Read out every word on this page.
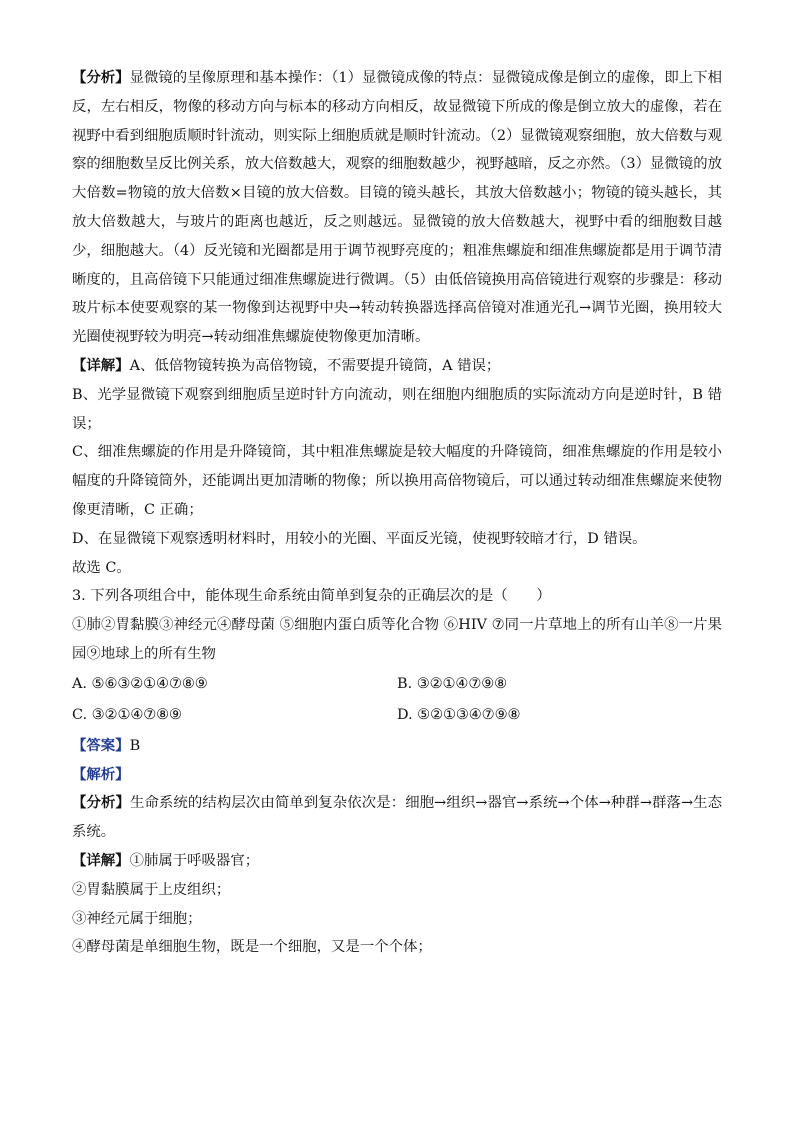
【分析】显微镜的呈像原理和基本操作：（1）显微镜成像的特点：显微镜成像是倒立的虚像，即上下相反，左右相反，物像的移动方向与标本的移动方向相反，故显微镜下所成的像是倒立放大的虚像，若在视野中看到细胞质顺时针流动，则实际上细胞质就是顺时针流动。（2）显微镜观察细胞，放大倍数与观察的细胞数呈反比例关系，放大倍数越大，观察的细胞数越少，视野越暗，反之亦然。（3）显微镜的放大倍数=物镜的放大倍数×目镜的放大倍数。目镜的镜头越长，其放大倍数越小；物镜的镜头越长，其放大倍数越大，与玻片的距离也越近，反之则越远。显微镜的放大倍数越大，视野中看的细胞数目越少，细胞越大。（4）反光镜和光圈都是用于调节视野亮度的；粗准焦螺旋和细准焦螺旋都是用于调节清晰度的，且高倍镜下只能通过细准焦螺旋进行微调。（5）由低倍镜换用高倍镜进行观察的步骤是：移动玻片标本使要观察的某一物像到达视野中央→转动转换器选择高倍镜对准通光孔→调节光圈，换用较大光圈使视野较为明亮→转动细准焦螺旋使物像更加清晰。

【详解】A、低倍物镜转换为高倍物镜，不需要提升镜筒，A 错误；

B、光学显微镜下观察到细胞质呈逆时针方向流动，则在细胞内细胞质的实际流动方向是逆时针，B 错误；

C、细准焦螺旋的作用是升降镜筒，其中粗准焦螺旋是较大幅度的升降镜筒，细准焦螺旋的作用是较小幅度的升降镜筒外，还能调出更加清晰的物像；所以换用高倍物镜后，可以通过转动细准焦螺旋来使物像更清晰，C 正确；

D、在显微镜下观察透明材料时，用较小的光圈、平面反光镜，使视野较暗才行，D 错误。

故选 C。

3. 下列各项组合中，能体现生命系统由简单到复杂的正确层次的是（　　）

①肺②胃黏膜③神经元④酵母菌 ⑤细胞内蛋白质等化合物 ⑥HIV ⑦同一片草地上的所有山羊⑧一片果园⑨地球上的所有生物

A. ⑤⑥③②①④⑦⑧⑨	B. ③②①④⑦⑨⑧
C. ③②①④⑦⑧⑨	D. ⑤②①③④⑦⑨⑧

【答案】B

【解析】

【分析】生命系统的结构层次由简单到复杂依次是：细胞→组织→器官→系统→个体→种群→群落→生态系统。

【详解】①肺属于呼吸器官；

②胃黏膜属于上皮组织；

③神经元属于细胞；

④酵母菌是单细胞生物，既是一个细胞，又是一个个体；
